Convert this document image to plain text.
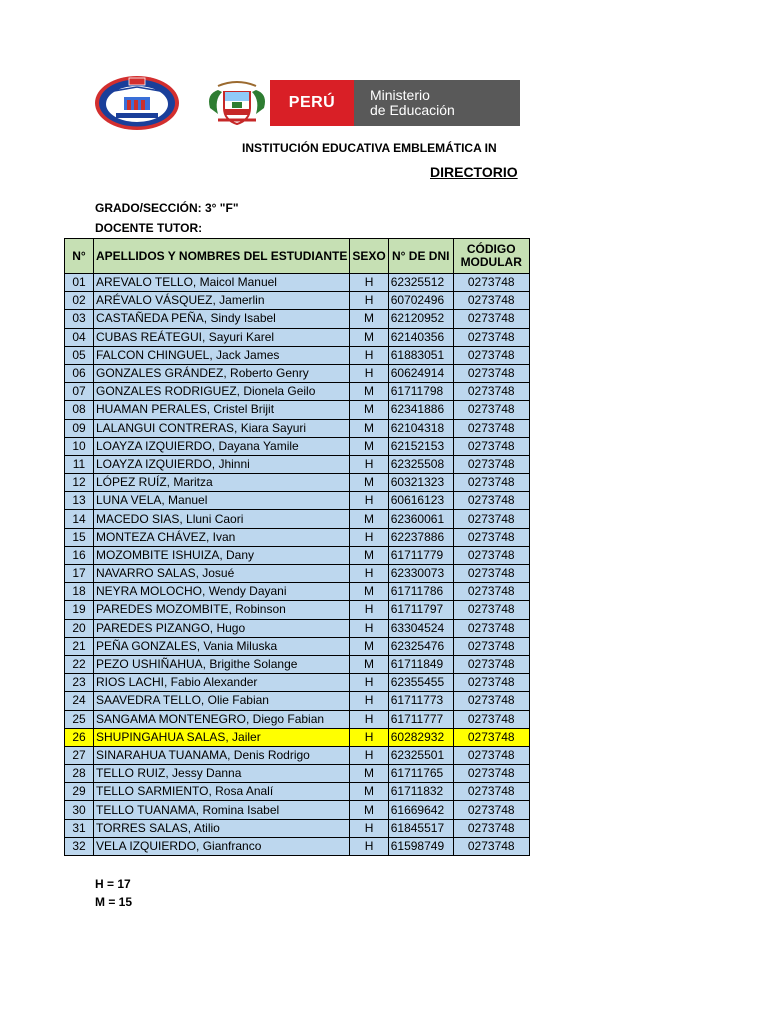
PERÚ	Ministerio
de Educación
INSTITUCIÓN EDUCATIVA EMBLEMÁTICA IN
DIRECTORIO
GRADO/SECCIÓN: 3° "F"
DOCENTE TUTOR:
N°	APELLIDOS Y NOMBRES DEL ESTUDIANTE	SEXO	N° DE DNI	CÓDIGO
MODULAR

01	AREVALO TELLO, Maicol Manuel	H	62325512	0273748
02	ARÉVALO VÁSQUEZ, Jamerlin	H	60702496	0273748
03	CASTAÑEDA PEÑA, Sindy Isabel	M	62120952	0273748
04	CUBAS REÁTEGUI, Sayuri Karel	M	62140356	0273748
05	FALCON CHINGUEL, Jack James	H	61883051	0273748
06	GONZALES GRÁNDEZ, Roberto Genry	H	60624914	0273748
07	GONZALES RODRIGUEZ, Dionela Geilo	M	61711798	0273748
08	HUAMAN PERALES, Cristel Brijit	M	62341886	0273748
09	LALANGUI CONTRERAS, Kiara Sayuri	M	62104318	0273748
10	LOAYZA IZQUIERDO, Dayana Yamile	M	62152153	0273748
11	LOAYZA IZQUIERDO, Jhinni	H	62325508	0273748
12	LÓPEZ RUÍZ, Maritza	M	60321323	0273748
13	LUNA VELA, Manuel	H	60616123	0273748
14	MACEDO SIAS, Lluni Caori	M	62360061	0273748
15	MONTEZA CHÁVEZ, Ivan	H	62237886	0273748
16	MOZOMBITE ISHUIZA, Dany	M	61711779	0273748
17	NAVARRO SALAS, Josué	H	62330073	0273748
18	NEYRA MOLOCHO, Wendy Dayani	M	61711786	0273748
19	PAREDES MOZOMBITE, Robinson	H	61711797	0273748
20	PAREDES PIZANGO, Hugo	H	63304524	0273748
21	PEÑA GONZALES, Vania Miluska	M	62325476	0273748
22	PEZO USHIÑAHUA, Brigithe Solange	M	61711849	0273748
23	RIOS LACHI, Fabio Alexander	H	62355455	0273748
24	SAAVEDRA TELLO, Olie Fabian	H	61711773	0273748
25	SANGAMA MONTENEGRO, Diego Fabian	H	61711777	0273748
26	SHUPINGAHUA SALAS, Jailer	H	60282932	0273748
27	SINARAHUA TUANAMA, Denis Rodrigo	H	62325501	0273748
28	TELLO RUIZ, Jessy Danna	M	61711765	0273748
29	TELLO SARMIENTO, Rosa Analí	M	61711832	0273748
30	TELLO TUANAMA, Romina Isabel	M	61669642	0273748
31	TORRES SALAS, Atilio	H	61845517	0273748
32	VELA IZQUIERDO, Gianfranco	H	61598749	0273748
H = 17
M = 15
